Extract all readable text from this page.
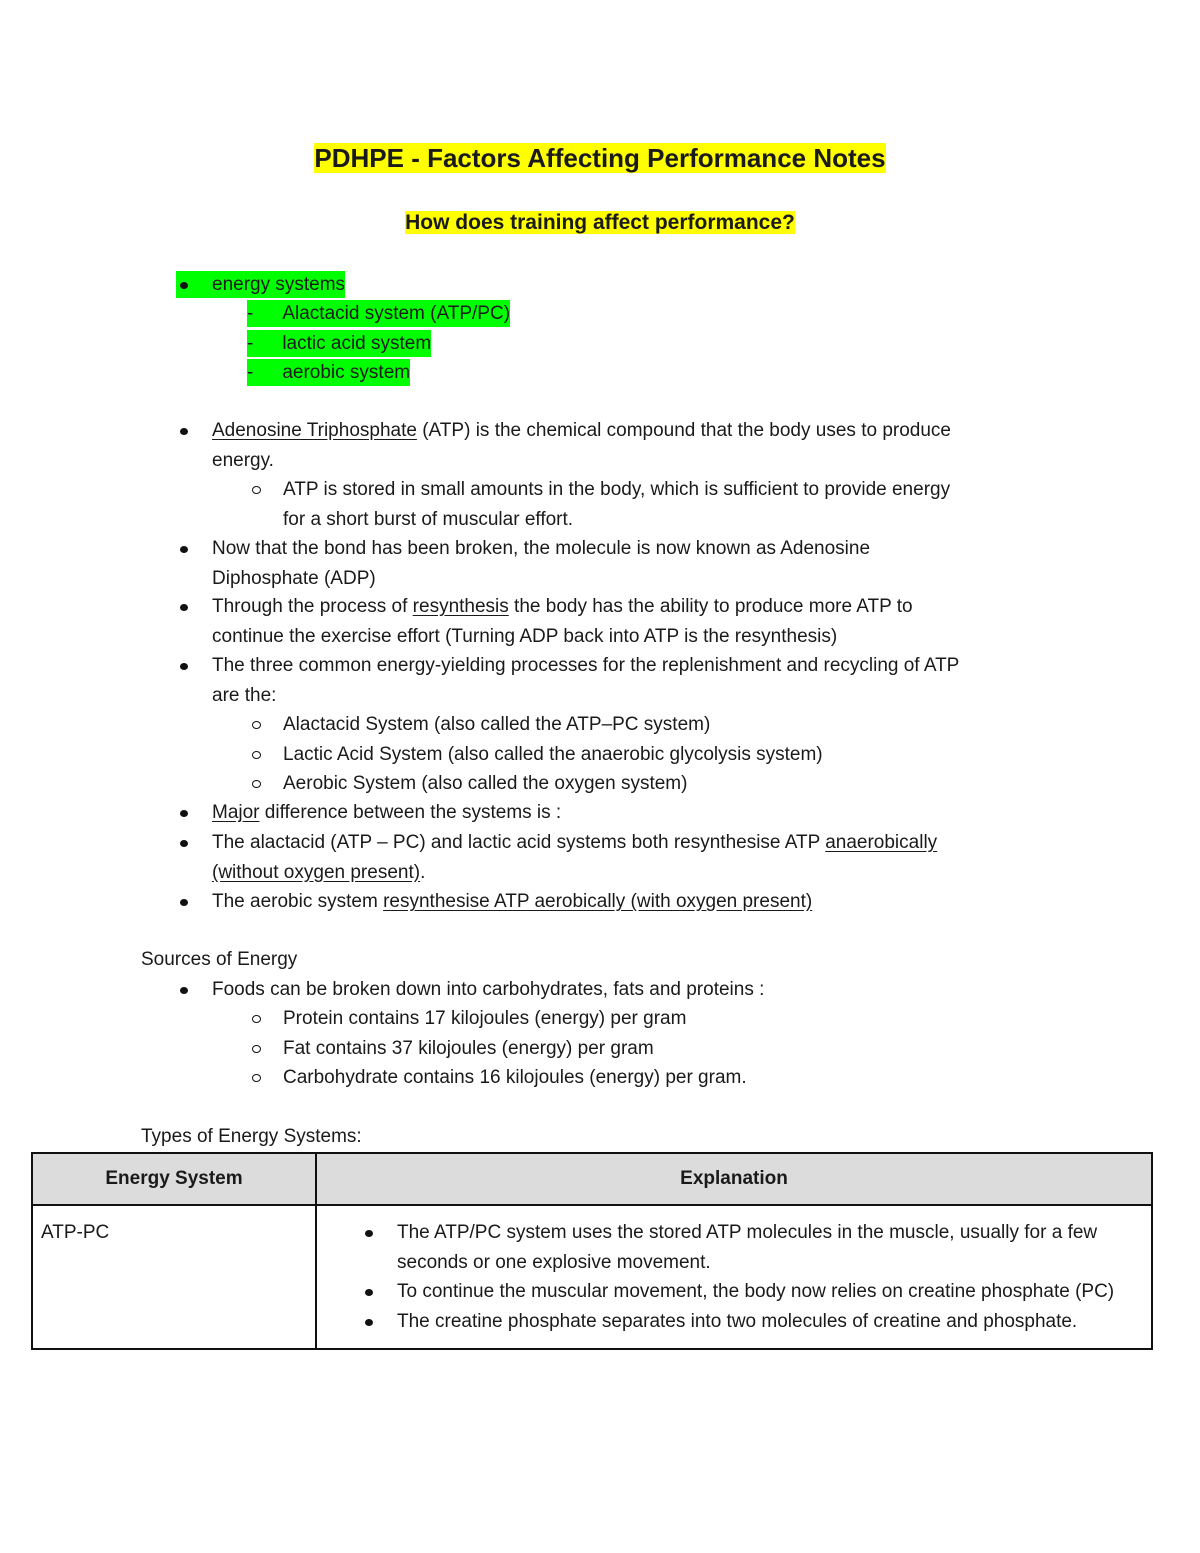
PDHPE - Factors Affecting Performance Notes
How does training affect performance?
energy systems
- Alactacid system (ATP/PC)
- lactic acid system
- aerobic system
Adenosine Triphosphate (ATP) is the chemical compound that the body uses to produce
energy.
ATP is stored in small amounts in the body, which is sufficient to provide energy
for a short burst of muscular effort.
Now that the bond has been broken, the molecule is now known as Adenosine
Diphosphate (ADP)
Through the process of resynthesis the body has the ability to produce more ATP to
continue the exercise effort (Turning ADP back into ATP is the resynthesis)
The three common energy-yielding processes for the replenishment and recycling of ATP
are the:
Alactacid System (also called the ATP–PC system)
Lactic Acid System (also called the anaerobic glycolysis system)
Aerobic System (also called the oxygen system)
Major difference between the systems is :
The alactacid (ATP – PC) and lactic acid systems both resynthesise ATP anaerobically
(without oxygen present).
The aerobic system resynthesise ATP aerobically (with oxygen present)
Sources of Energy
Foods can be broken down into carbohydrates, fats and proteins :
Protein contains 17 kilojoules (energy) per gram
Fat contains 37 kilojoules (energy) per gram
Carbohydrate contains 16 kilojoules (energy) per gram.
Types of Energy Systems:
Energy System	Explanation
ATP-PC	The ATP/PC system uses the stored ATP molecules in the muscle, usually for a few seconds or one explosive movement.
To continue the muscular movement, the body now relies on creatine phosphate (PC)
The creatine phosphate separates into two molecules of creatine and phosphate.
